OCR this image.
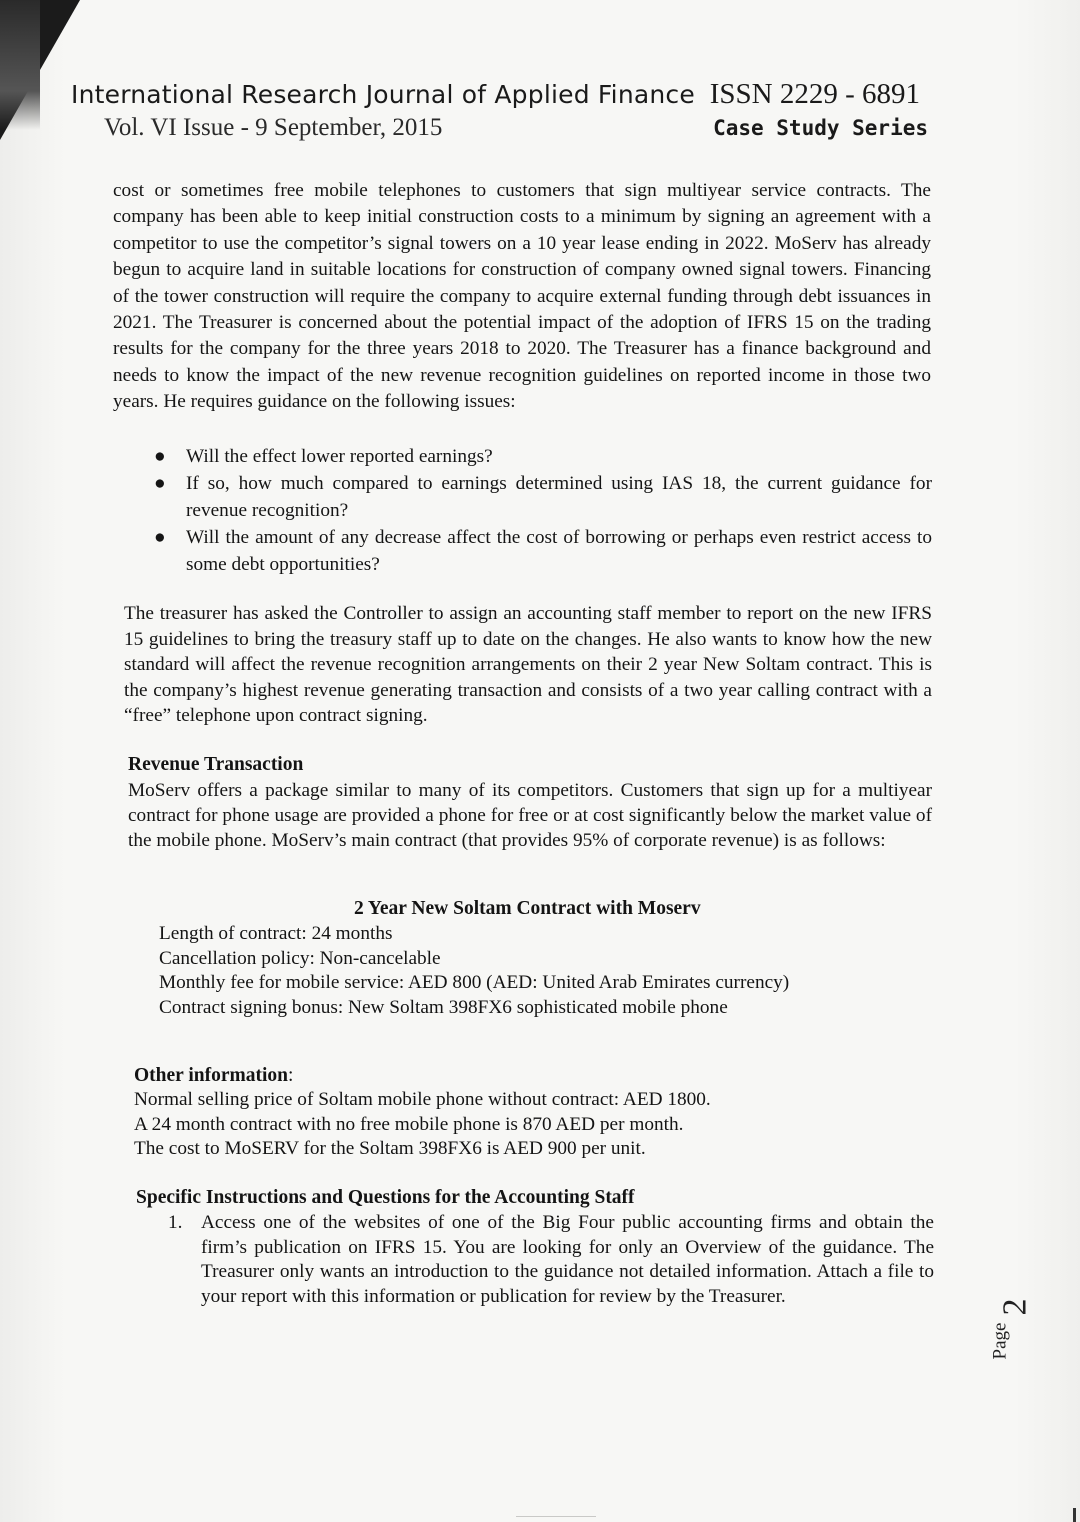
International Research Journal of Applied Finance ISSN 2229 - 6891
Vol. VI Issue - 9 September, 2015	Case Study Series

cost or sometimes free mobile telephones to customers that sign multiyear service contracts. The company has been able to keep initial construction costs to a minimum by signing an agreement with a competitor to use the competitor’s signal towers on a 10 year lease ending in 2022. MoServ has already begun to acquire land in suitable locations for construction of company owned signal towers. Financing of the tower construction will require the company to acquire external funding through debt issuances in 2021. The Treasurer is concerned about the potential impact of the adoption of IFRS 15 on the trading results for the company for the three years 2018 to 2020. The Treasurer has a finance background and needs to know the impact of the new revenue recognition guidelines on reported income in those two years. He requires guidance on the following issues:

● Will the effect lower reported earnings?
● If so, how much compared to earnings determined using IAS 18, the current guidance for revenue recognition?
● Will the amount of any decrease affect the cost of borrowing or perhaps even restrict access to some debt opportunities?

The treasurer has asked the Controller to assign an accounting staff member to report on the new IFRS 15 guidelines to bring the treasury staff up to date on the changes. He also wants to know how the new standard will affect the revenue recognition arrangements on their 2 year New Soltam contract. This is the company’s highest revenue generating transaction and consists of a two year calling contract with a “free” telephone upon contract signing.

Revenue Transaction

MoServ offers a package similar to many of its competitors. Customers that sign up for a multiyear contract for phone usage are provided a phone for free or at cost significantly below the market value of the mobile phone. MoServ’s main contract (that provides 95% of corporate revenue) is as follows:

2 Year New Soltam Contract with Moserv
Length of contract: 24 months
Cancellation policy: Non-cancelable
Monthly fee for mobile service: AED 800 (AED: United Arab Emirates currency)
Contract signing bonus: New Soltam 398FX6 sophisticated mobile phone
Other information:
Normal selling price of Soltam mobile phone without contract: AED 1800.
A 24 month contract with no free mobile phone is 870 AED per month.
The cost to MoSERV for the Soltam 398FX6 is AED 900 per unit.
Specific Instructions and Questions for the Accounting Staff
1. Access one of the websites of one of the Big Four public accounting firms and obtain the firm’s publication on IFRS 15. You are looking for only an Overview of the guidance. The Treasurer only wants an introduction to the guidance not detailed information. Attach a file to your report with this information or publication for review by the Treasurer.
Page
2
